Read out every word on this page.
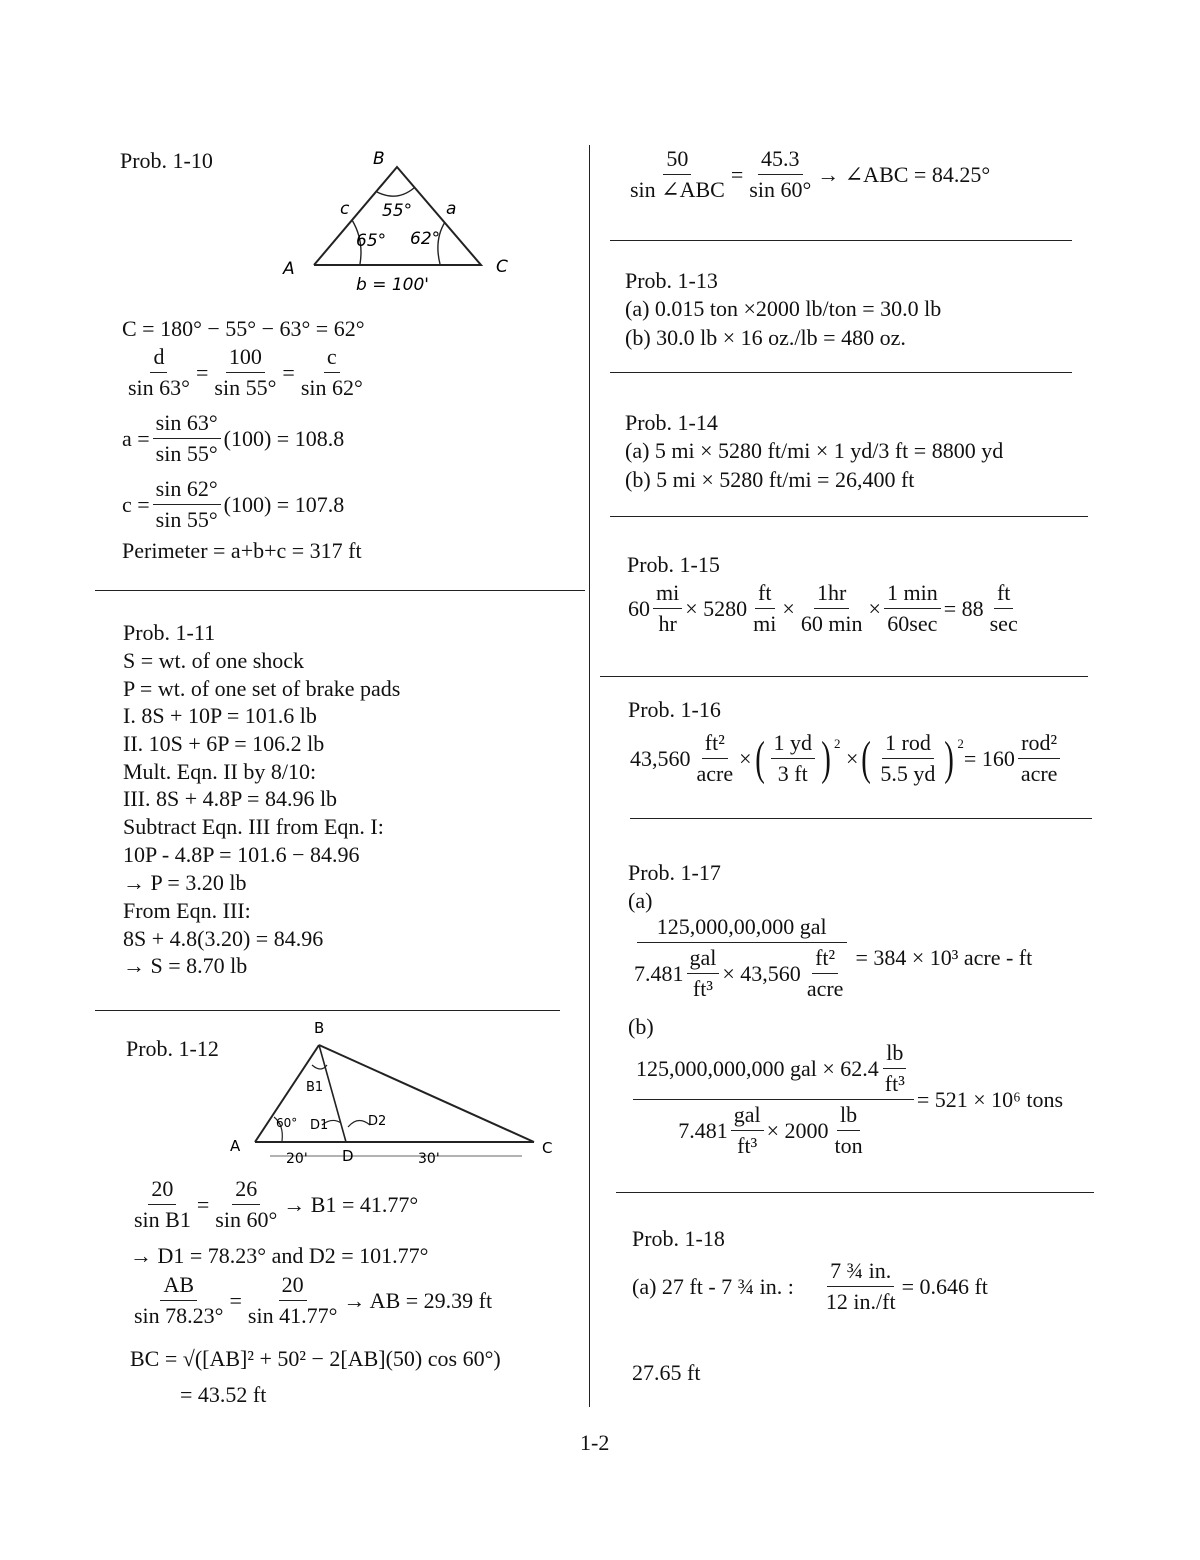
Prob. 1-10	B
A	C
c	a
55°
65° 62°
b = 100'
C = 180° − 55° − 63° = 62°
$\frac{d}{\sin 63^\circ} = \frac{100}{\sin 55^\circ} = \frac{c}{\sin 62^\circ}$
$a = \frac{\sin 63^\circ}{\sin 55^\circ} (100) = 108.8$
$c = \frac{\sin 62^\circ}{\sin 55^\circ} (100) = 107.8$
Perimeter = a+b+c = 317 ft
Prob. 1-11
S = wt. of one shock
P = wt. of one set of brake pads
I. 8S + 10P = 101.6 lb
II. 10S + 6P = 106.2 lb
Mult. Eqn. II by 8/10:
III. 8S + 4.8P = 84.96 lb
Subtract Eqn. III from Eqn. I:
10P - 4.8P = 101.6 − 84.96
→ P = 3.20 lb
From Eqn. III:
8S + 4.8(3.20) = 84.96
→ S = 8.70 lb
Prob. 1-12
B
A	C
D
B1
D1	D2
60°
20'	30'
$\frac{20}{\text{sin B1}} = \frac{26}{\sin 60^\circ} \to B1 = 41.77^\circ$
→ D1 = 78.23° and D2 = 101.77°
$\frac{AB}{\sin 78.23^\circ} = \frac{20}{\sin 41.77^\circ}$ → AB = 29.39 ft
BC = √([AB]² + 50² − 2[AB](50) cos 60°)
= 43.52 ft
$\frac{50}{\text{sin ∠ABC}} = \frac{45.3}{\sin 60^\circ}$ → ∠ABC = 84.25°
Prob. 1-13
(a) 0.015 ton ×2000 lb/ton = 30.0 lb
(b) 30.0 lb × 16 oz./lb = 480 oz.
Prob. 1-14
(a) 5 mi × 5280 ft/mi × 1 yd/3 ft = 8800 yd
(b) 5 mi × 5280 ft/mi = 26,400 ft
Prob. 1-15
$60 \frac{mi}{hr} \times 5280 \frac{ft}{mi} \times \frac{1hr}{60 \min} \times \frac{1 \min}{60\sec} = 88 \frac{ft}{\sec}$
Prob. 1-16
$43,560 \frac{\text{ft²}}{\text{acre}}$ × ( $\frac{1 yd}{3 ft} )^2$
× ( $\frac{\text{1 rod}}{5.5 yd} )^2$
= $160 \frac{\text{rod²}}{\text{acre}}$
Prob. 1-17
(a)
$\frac{\text{125,000,00,000 gal}}{7.481 \frac{\text{gal}}{\text{ft³}} \times 43,560 \frac{\text{ft²}}{\text{acre}}} = 384 \times 10^3$ acre - ft
(b)
$\frac{125,000,000,000 gal \times 62.4 \frac{lb}{\text{ft³}}}{7.481 \frac{\text{gal}}{\text{ft³}} \times 2000 \frac{lb}{\text{ton}}} = 521 \times 10^6$ tons
Prob. 1-18
(a) 27 ft - 7 ¾ in. : $\frac{\text{7 ¾ in.}}{12 in./ft} = 0.646$ ft
27.65 ft
1-2
